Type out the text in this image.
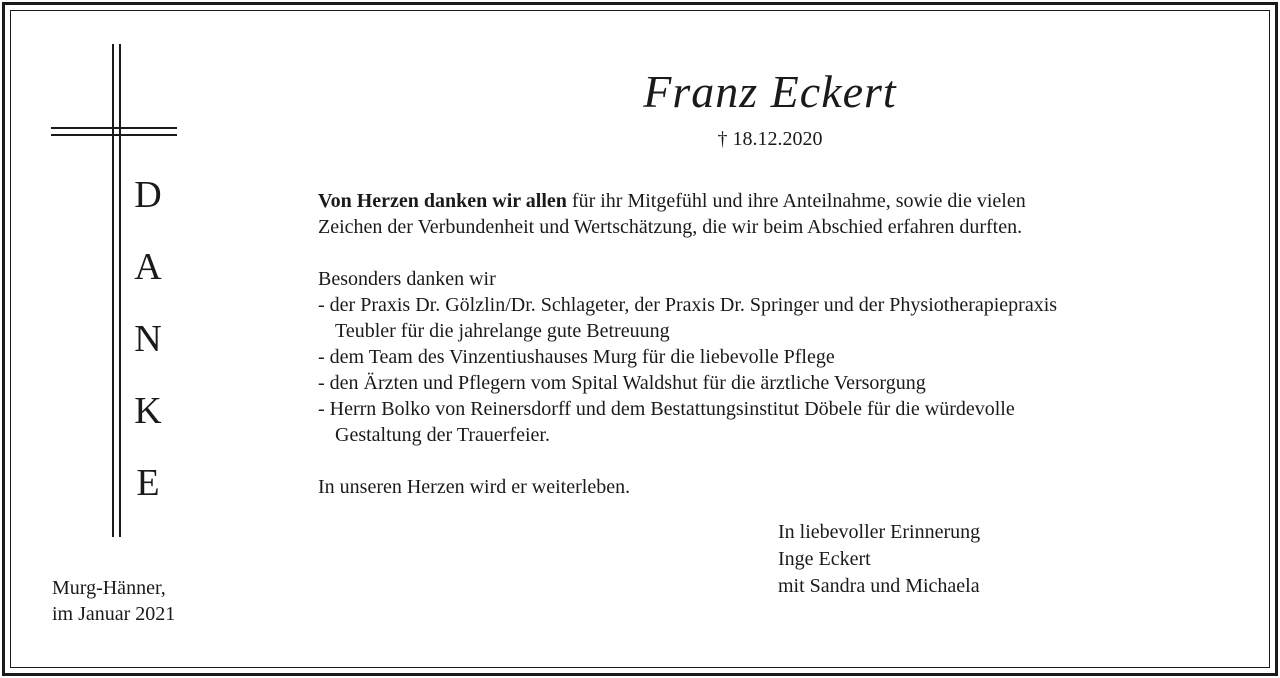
D
A
N
K
E
Murg-Hänner,
im Januar 2021
Franz Eckert
† 18.12.2020

Von Herzen danken wir allen für ihr Mitgefühl und ihre Anteilnahme, sowie die vielen

Zeichen der Verbundenheit und Wertschätzung, die wir beim Abschied erfahren durften.

Besonders danken wir

- der Praxis Dr. Gölzlin/Dr. Schlageter, der Praxis Dr. Springer und der Physiotherapiepraxis
Teubler für die jahrelange gute Betreuung
- dem Team des Vinzentiushauses Murg für die liebevolle Pflege
- den Ärzten und Pflegern vom Spital Waldshut für die ärztliche Versorgung
- Herrn Bolko von Reinersdorff und dem Bestattungsinstitut Döbele für die würdevolle
Gestaltung der Trauerfeier.

In unseren Herzen wird er weiterleben.

In liebevoller Erinnerung
Inge Eckert
mit Sandra und Michaela
